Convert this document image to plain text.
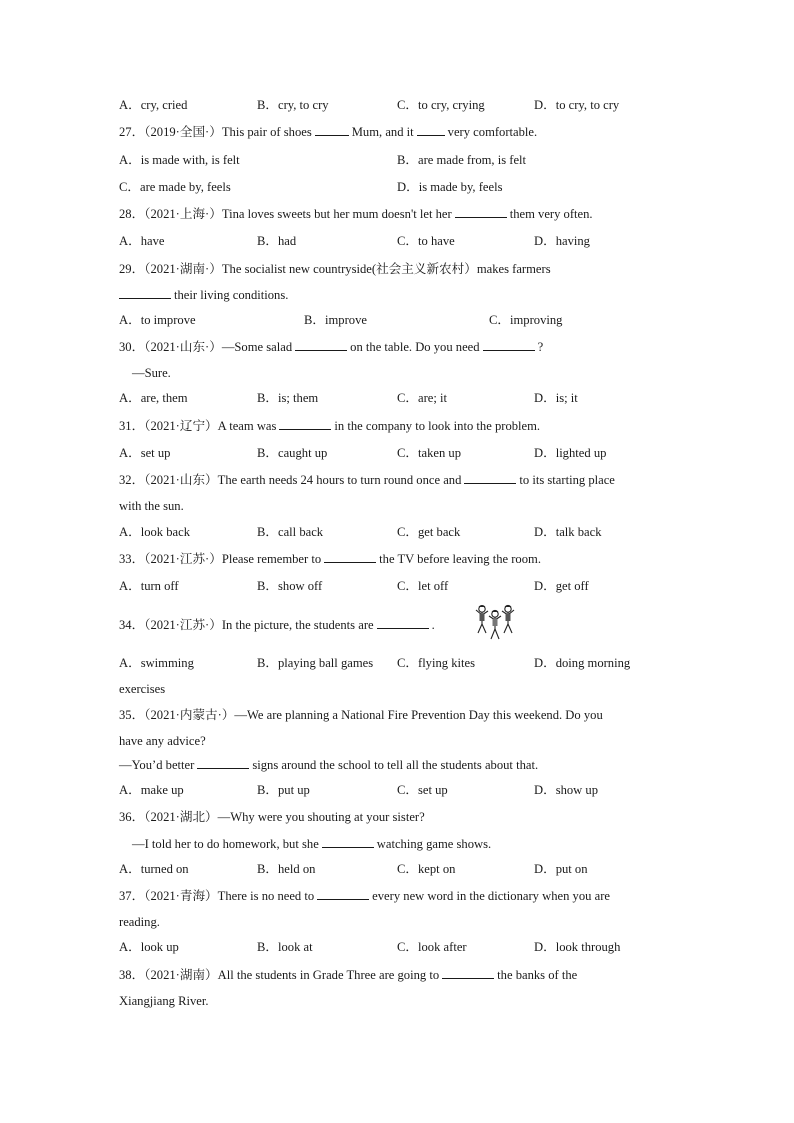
A．cry, cried	B．cry, to cry	C．to cry, crying	D．to cry, to cry
27．（2019·全国·）This pair of shoes	Mum, and it	very comfortable.
A．is made with, is felt	B．are made from, is felt
C．are made by, feels	D．is made by, feels
28．（2021·上海·）Tina loves sweets but her mum doesn't let her	them very often.
A．have	B．had	C．to have	D．having
29．（2021·湖南·）The socialist new countryside(社会主义新农村）makes farmers
their living conditions.
A．to improve	B．improve	C．improving
30．（2021·山东·）—Some salad	on the table. Do you need	?
—Sure.
A．are, them	B．is; them	C．are; it	D．is; it
31．（2021·辽宁）A team was	in the company to look into the problem.
A．set up	B．caught up	C．taken up	D．lighted up
32．（2021·山东）The earth needs 24 hours to turn round once and	to its starting place
with the sun.
A．look back	B．call back	C．get back	D．talk back
33．（2021·江苏·）Please remember to	the TV before leaving the room.
A．turn off	B．show off	C．let off	D．get off
34．（2021·江苏·）In the picture, the students are	.
A．swimming	B．playing ball games C．flying kites	D．doing morning
exercises
35．（2021·内蒙古·）—We are planning a National Fire Prevention Day this weekend. Do you
have any advice?
—You’d better	signs around the school to tell all the students about that.
A．make up	B．put up	C．set up	D．show up
36．（2021·湖北）—Why were you shouting at your sister?
—I told her to do homework, but she	watching game shows.
A．turned on	B．held on	C．kept on	D．put on
37．（2021·青海）There is no need to	every new word in the dictionary when you are
reading.
A．look up	B．look at	C．look after	D．look through
38．（2021·湖南）All the students in Grade Three are going to	the banks of the
Xiangjiang River.
